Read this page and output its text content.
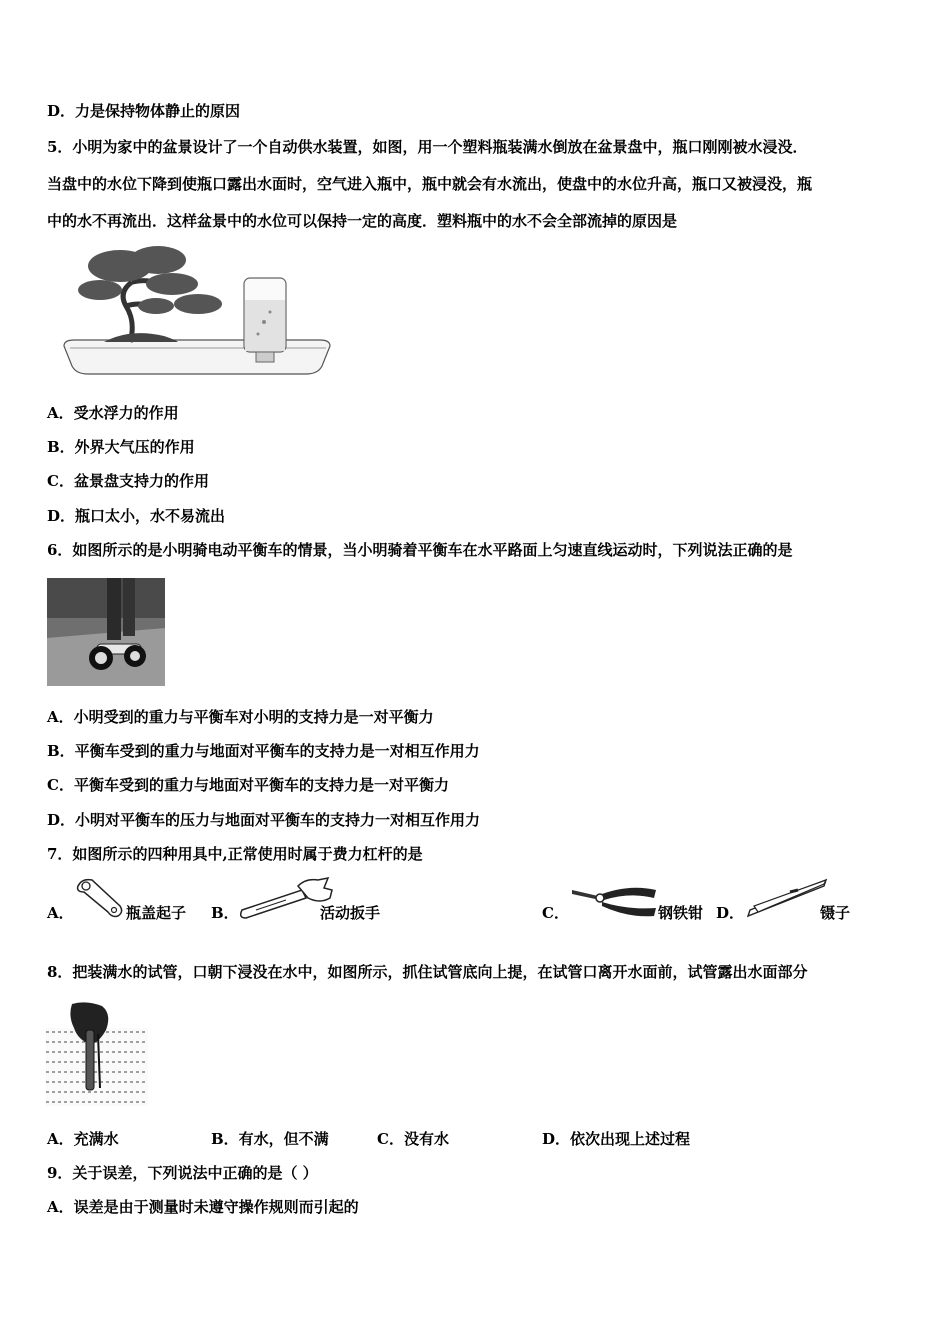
D．力是保持物体静止的原因
5．小明为家中的盆景设计了一个自动供水装置，如图，用一个塑料瓶装满水倒放在盆景盘中，瓶口刚刚被水浸没．
当盘中的水位下降到使瓶口露出水面时，空气进入瓶中，瓶中就会有水流出，使盘中的水位升高，瓶口又被浸没，瓶
中的水不再流出．这样盆景中的水位可以保持一定的高度．塑料瓶中的水不会全部流掉的原因是
A．受水浮力的作用
B．外界大气压的作用
C．盆景盘支持力的作用
D．瓶口太小，水不易流出
6．如图所示的是小明骑电动平衡车的情景，当小明骑着平衡车在水平路面上匀速直线运动时，下列说法正确的是
A．小明受到的重力与平衡车对小明的支持力是一对平衡力
B．平衡车受到的重力与地面对平衡车的支持力是一对相互作用力
C．平衡车受到的重力与地面对平衡车的支持力是一对平衡力
D．小明对平衡车的压力与地面对平衡车的支持力一对相互作用力
7．如图所示的四种用具中,正常使用时属于费力杠杆的是
A．	瓶盖起子 B．	活动扳手	C．	钢铁钳 D．	镊子
8．把装满水的试管，口朝下浸没在水中，如图所示，抓住试管底向上提，在试管口离开水面前，试管露出水面部分
A．充满水	B．有水，但不满	C．没有水	D．依次出现上述过程
9．关于误差，下列说法中正确的是（ ）
A．误差是由于测量时未遵守操作规则而引起的
